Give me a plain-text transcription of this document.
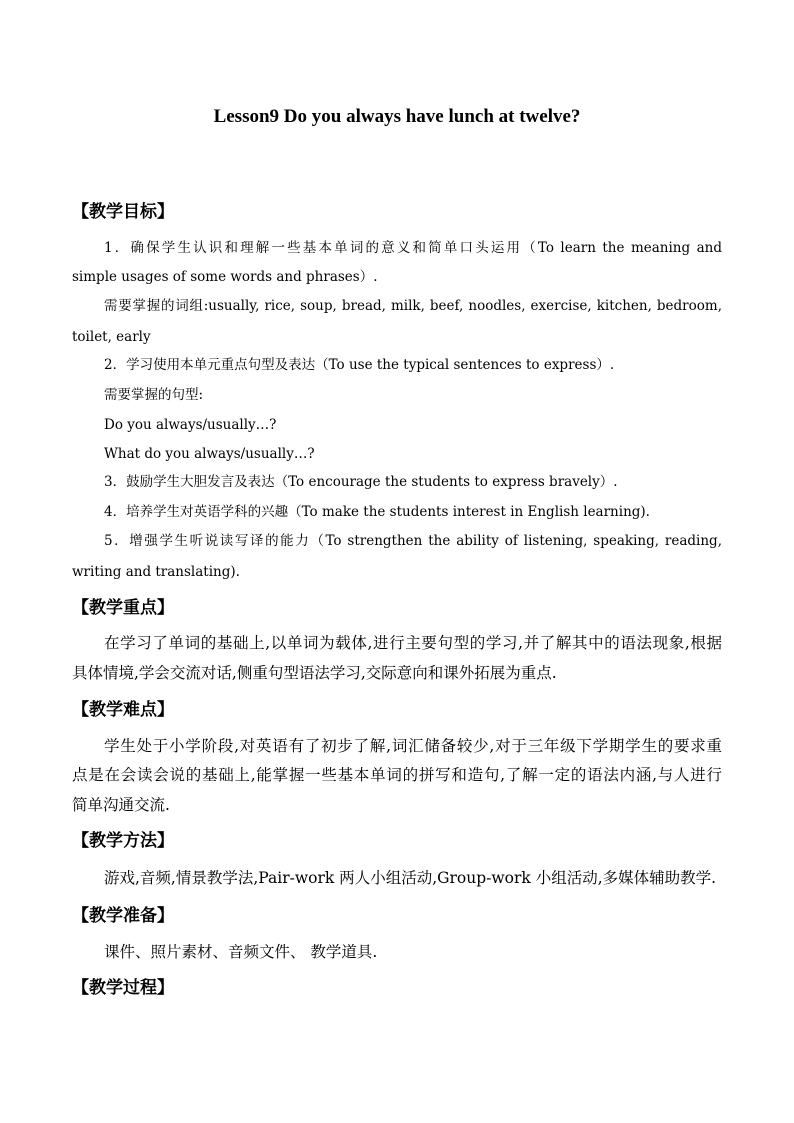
Lesson9 Do you always have lunch at twelve?
【教学目标】
1．确保学生认识和理解一些基本单词的意义和简单口头运用（To learn the meaning and
simple usages of some words and phrases）.
需要掌握的词组:usually, rice, soup, bread, milk, beef, noodles, exercise, kitchen, bedroom,
toilet, early
2．学习使用本单元重点句型及表达（To use the typical sentences to express）.
需要掌握的句型:
Do you always/usually…?
What do you always/usually…?
3．鼓励学生大胆发言及表达（To encourage the students to express bravely）.
4．培养学生对英语学科的兴趣（To make the students interest in English learning).
5．增强学生听说读写译的能力（To strengthen the ability of listening, speaking, reading,
writing and translating).
【教学重点】
在学习了单词的基础上,以单词为载体,进行主要句型的学习,并了解其中的语法现象,根据
具体情境,学会交流对话,侧重句型语法学习,交际意向和课外拓展为重点.
【教学难点】
学生处于小学阶段,对英语有了初步了解,词汇储备较少,对于三年级下学期学生的要求重
点是在会读会说的基础上,能掌握一些基本单词的拼写和造句,了解一定的语法内涵,与人进行
简单沟通交流.
【教学方法】
游戏,音频,情景教学法,Pair-work 两人小组活动,Group-work 小组活动,多媒体辅助教学.
【教学准备】
课件、照片素材、音频文件、 教学道具.
【教学过程】
